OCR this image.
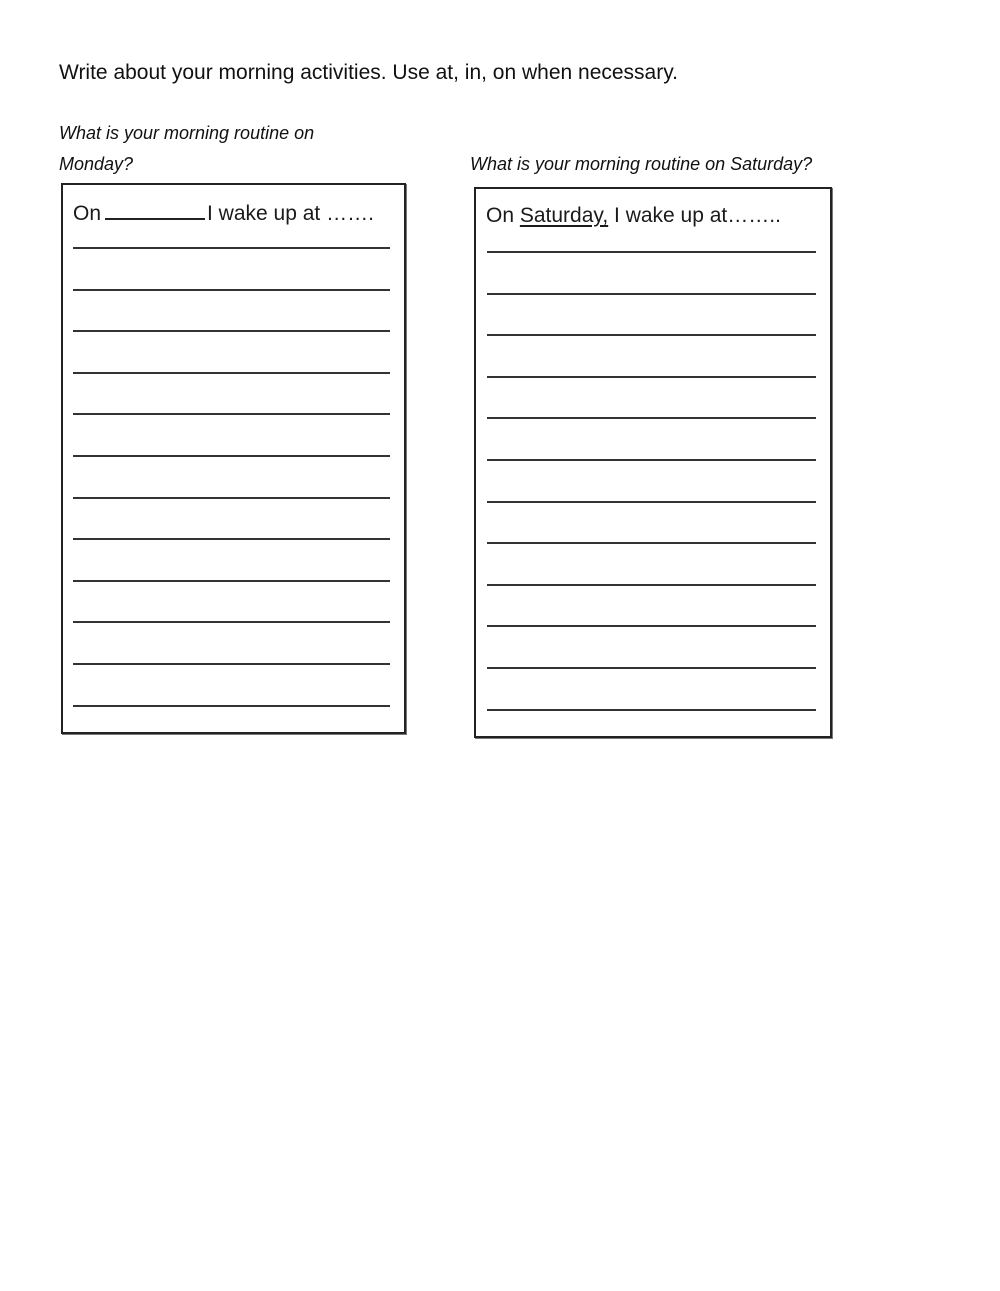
Write about your morning activities. Use at, in, on when necessary.
What is your morning routine on Monday?	What is your morning routine on Saturday?
On	I wake up at …….	On Saturday, I wake up at……..
